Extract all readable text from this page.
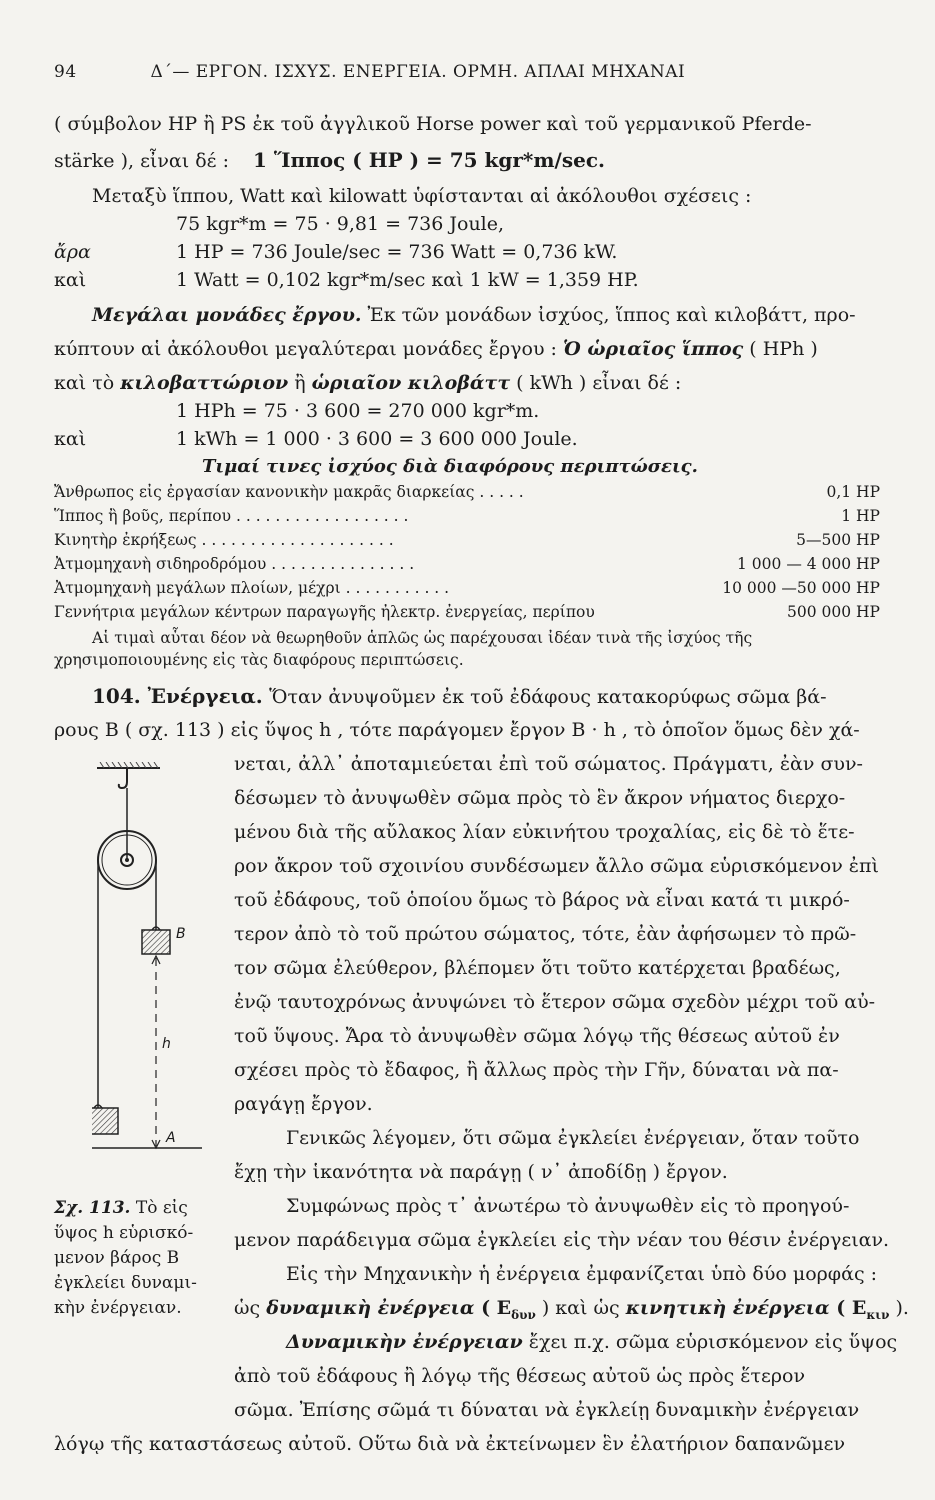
94	Δ΄— ΕΡΓΟΝ. ΙΣΧΥΣ. ΕΝΕΡΓΕΙΑ. ΟΡΜΗ. ΑΠΛΑΙ ΜΗΧΑΝΑΙ
( σύμβολον HP ἢ PS ἐκ τοῦ ἀγγλικοῦ Horse power καὶ τοῦ γερμανικοῦ Pferde-
stärke ), εἶναι δέ : 1 Ἵππος ( HP ) = 75 kgr*m/sec.
Μεταξὺ ἵππου, Watt καὶ kilowatt ὑφίστανται αἱ ἀκόλουθοι σχέσεις :
75 kgr*m = 75 · 9,81 = 736 Joule,
ἄρα	1 HP = 736 Joule/sec = 736 Watt = 0,736 kW.
καὶ	1 Watt = 0,102 kgr*m/sec καὶ 1 kW = 1,359 HP.
Μεγάλαι μονάδες ἔργου. Ἐκ τῶν μονάδων ἰσχύος, ἵππος καὶ κιλοβάττ, προ-
κύπτουν αἱ ἀκόλουθοι μεγαλύτεραι μονάδες ἔργου : Ὁ ὡριαῖος ἵππος ( HPh )
καὶ τὸ κιλοβαττώριον ἢ ὡριαῖον κιλοβάττ ( kWh ) εἶναι δέ :
1 HPh = 75 · 3 600 = 270 000 kgr*m.
καὶ	1 kWh = 1 000 · 3 600 = 3 600 000 Joule.
Τιμαί τινες ἰσχύος διὰ διαφόρους περιπτώσεις.
Ἄνθρωπος εἰς ἐργασίαν κανονικὴν μακρᾶς διαρκείας . . . . .	0,1 HP
Ἵππος ἢ βοῦς, περίπου . . . . . . . . . . . . . . . . . .	1 HP
Κινητὴρ ἐκρήξεως . . . . . . . . . . . . . . . . . . . .	5—500 HP
Ἀτμομηχανὴ σιδηροδρόμου . . . . . . . . . . . . . . .	1 000 — 4 000 HP
Ἀτμομηχανὴ μεγάλων πλοίων, μέχρι . . . . . . . . . . .	10 000 —50 000 HP
Γεννήτρια μεγάλων κέντρων παραγωγῆς ἠλεκτρ. ἐνεργείας, περίπου	500 000 HP
Αἱ τιμαὶ αὗται δέον νὰ θεωρηθοῦν ἁπλῶς ὡς παρέχουσαι ἰδέαν τινὰ τῆς ἰσχύος τῆς
χρησιμοποιουμένης εἰς τὰς διαφόρους περιπτώσεις.
104. Ἐνέργεια. Ὅταν ἀνυψοῦμεν ἐκ τοῦ ἐδάφους κατακορύφως σῶμα βά-
ρους B ( σχ. 113 ) εἰς ὕψος h , τότε παράγομεν ἔργον B · h , τὸ ὁποῖον ὅμως δὲν χά-
νεται, ἀλλ᾽ ἀποταμιεύεται ἐπὶ τοῦ σώματος. Πράγματι, ἐὰν συν-
δέσωμεν τὸ ἀνυψωθὲν σῶμα πρὸς τὸ ἓν ἄκρον νήματος διερχο-
μένου διὰ τῆς αὔλακος λίαν εὐκινήτου τροχαλίας, εἰς δὲ τὸ ἕτε-
ρον ἄκρον τοῦ σχοινίου συνδέσωμεν ἄλλο σῶμα εὑρισκόμενον ἐπὶ
τοῦ ἐδάφους, τοῦ ὁποίου ὅμως τὸ βάρος νὰ εἶναι κατά τι μικρό-
τερον ἀπὸ τὸ τοῦ πρώτου σώματος, τότε, ἐὰν ἀφήσωμεν τὸ πρῶ-
τον σῶμα ἐλεύθερον, βλέπομεν ὅτι τοῦτο κατέρχεται βραδέως,
ἐνῷ ταυτοχρόνως ἀνυψώνει τὸ ἕτερον σῶμα σχεδὸν μέχρι τοῦ αὐ-
τοῦ ὕψους. Ἄρα τὸ ἀνυψωθὲν σῶμα λόγῳ τῆς θέσεως αὐτοῦ ἐν
σχέσει πρὸς τὸ ἔδαφος, ἢ ἄλλως πρὸς τὴν Γῆν, δύναται νὰ πα-
ραγάγῃ ἔργον.
Γενικῶς λέγομεν, ὅτι σῶμα ἐγκλείει ἐνέργειαν, ὅταν τοῦτο
ἔχῃ τὴν ἱκανότητα νὰ παράγῃ ( ν᾽ ἀποδίδῃ ) ἔργον.
Συμφώνως πρὸς τ᾽ ἀνωτέρω τὸ ἀνυψωθὲν εἰς τὸ προηγού-
μενον παράδειγμα σῶμα ἐγκλείει εἰς τὴν νέαν του θέσιν ἐνέργειαν.
Εἰς τὴν Μηχανικὴν ἡ ἐνέργεια ἐμφανίζεται ὑπὸ δύο μορφάς :
ὡς δυναμικὴ ἐνέργεια ( $E_{\delta\upsilon\nu}$ ) καὶ ὡς κινητικὴ ἐνέργεια ( $E_{\kappa\iota\nu}$ ).
Δυναμικὴν ἐνέργειαν ἔχει π.χ. σῶμα εὑρισκόμενον εἰς ὕψος
ἀπὸ τοῦ ἐδάφους ἢ λόγῳ τῆς θέσεως αὐτοῦ ὡς πρὸς ἕτερον
σῶμα. Ἐπίσης σῶμά τι δύναται νὰ ἐγκλείῃ δυναμικὴν ἐνέργειαν
λόγῳ τῆς καταστάσεως αὐτοῦ. Οὕτω διὰ νὰ ἐκτείνωμεν ἓν ἐλατήριον δαπανῶμεν
B
h
A
Σχ. 113. Τὸ εἰς
ὕψος h εὑρισκό-
μενον βάρος B
ἐγκλείει δυναμι-
κὴν ἐνέργειαν.
